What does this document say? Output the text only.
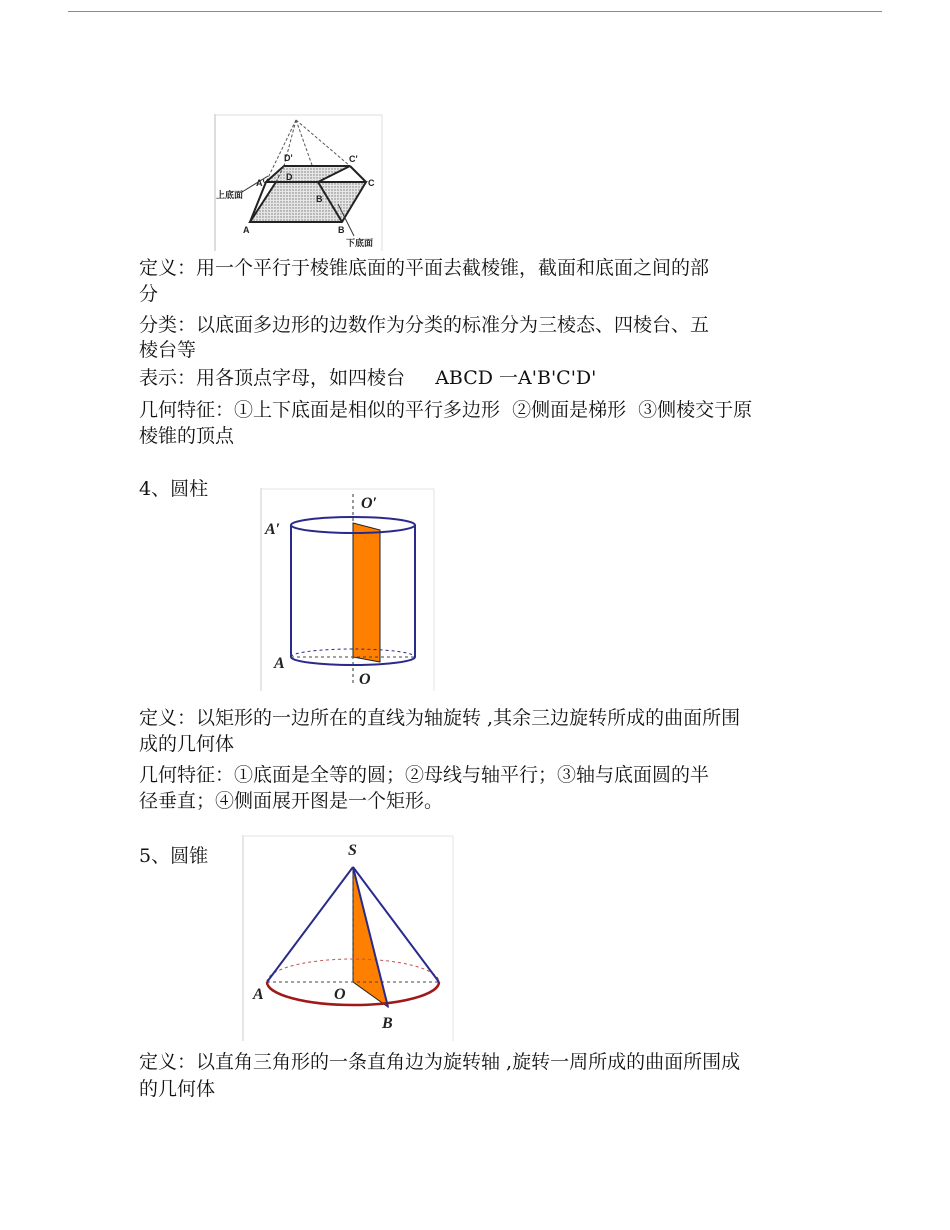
A'
D'	C'
D
C
B
A	B
上底面
下底面
定义：用一个平行于棱锥底面的平面去截棱锥，截面和底面之间的部
分
分类：以底面多边形的边数作为分类的标准分为三棱态、四棱台、五
棱台等
表示：用各顶点字母，如四棱台     ABCD 一A'B'C'D'
几何特征：①上下底面是相似的平行多边形  ②侧面是梯形  ③侧棱交于原
棱锥的顶点
4、圆柱
O′
A′
A
O
定义：以矩形的一边所在的直线为轴旋转 ,其余三边旋转所成的曲面所围
成的几何体
几何特征：①底面是全等的圆；②母线与轴平行；③轴与底面圆的半
径垂直；④侧面展开图是一个矩形。
5、圆锥	S
A	O
B
定义：以直角三角形的一条直角边为旋转轴 ,旋转一周所成的曲面所围成
的几何体
